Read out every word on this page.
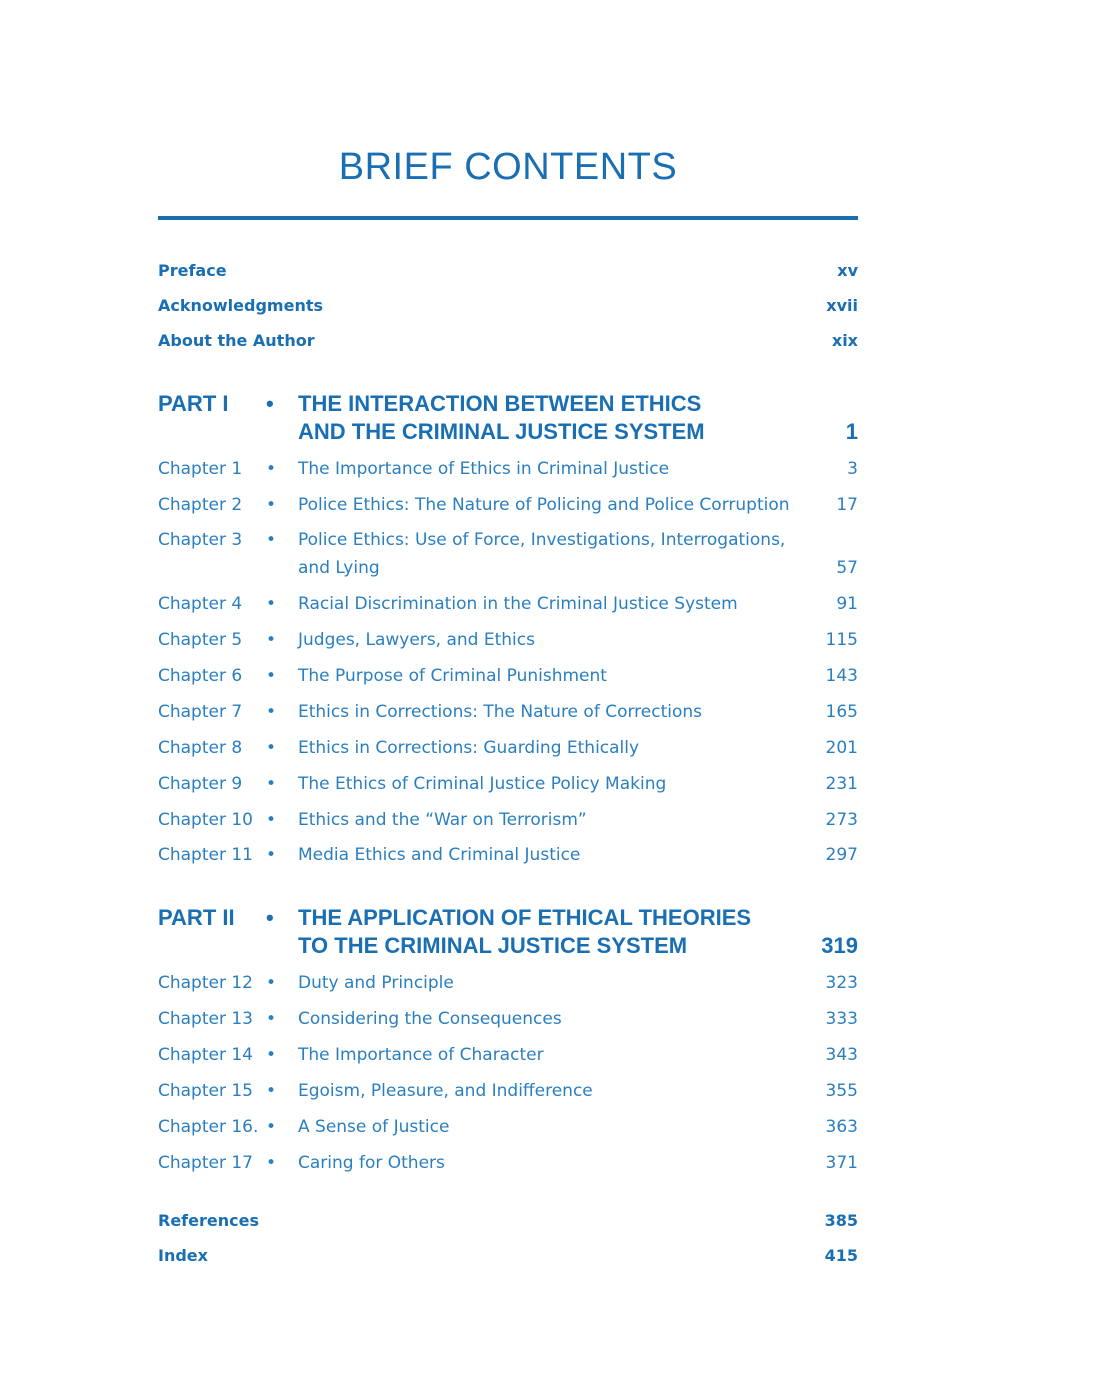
BRIEF CONTENTS
Preface	xv
Acknowledgments	xvii
About the Author	xix
PART I • THE INTERACTION BETWEEN ETHICS
AND THE CRIMINAL JUSTICE SYSTEM	1
Chapter 1 • The Importance of Ethics in Criminal Justice	3
Chapter 2 • Police Ethics: The Nature of Policing and Police Corruption	17
Chapter 3 • Police Ethics: Use of Force, Investigations, Interrogations,
and Lying	57
Chapter 4 • Racial Discrimination in the Criminal Justice System	91
Chapter 5 • Judges, Lawyers, and Ethics	115
Chapter 6 • The Purpose of Criminal Punishment	143
Chapter 7 • Ethics in Corrections: The Nature of Corrections	165
Chapter 8 • Ethics in Corrections: Guarding Ethically	201
Chapter 9 • The Ethics of Criminal Justice Policy Making	231
Chapter 10 • Ethics and the “War on Terrorism”	273
Chapter 11 • Media Ethics and Criminal Justice	297
PART II • THE APPLICATION OF ETHICAL THEORIES
TO THE CRIMINAL JUSTICE SYSTEM	319
Chapter 12 • Duty and Principle	323
Chapter 13 • Considering the Consequences	333
Chapter 14 • The Importance of Character	343
Chapter 15 • Egoism, Pleasure, and Indifference	355
Chapter 16. • A Sense of Justice	363
Chapter 17 • Caring for Others	371
References	385
Index	415
